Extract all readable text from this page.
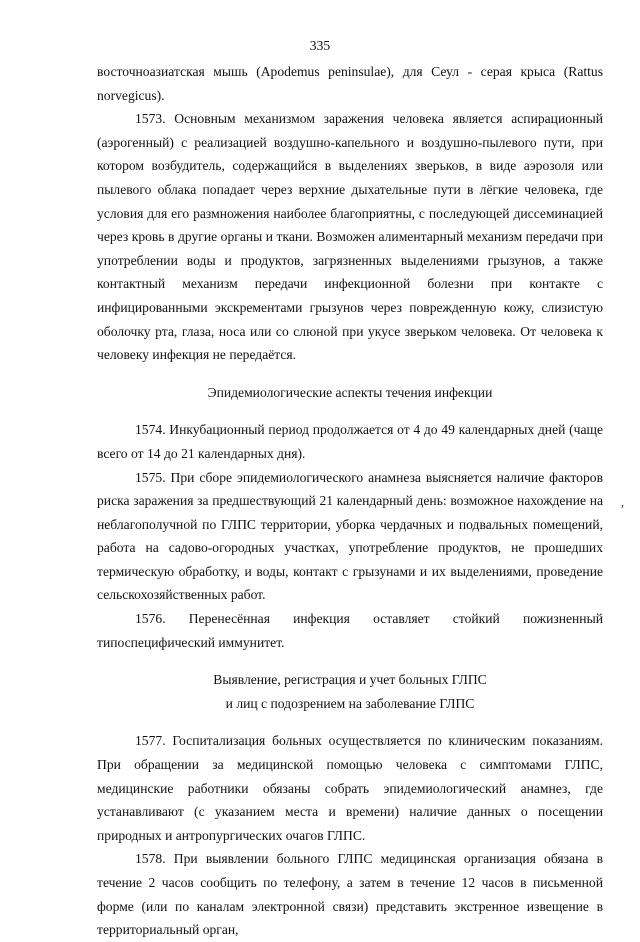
335

восточноазиатская мышь (Apodemus peninsulae), для Сеул - серая крыса (Rattus norvegicus).

1573. Основным механизмом заражения человека является аспирационный (аэрогенный) с реализацией воздушно-капельного и воздушно-пылевого пути, при котором возбудитель, содержащийся в выделениях зверьков, в виде аэрозоля или пылевого облака попадает через верхние дыхательные пути в лёгкие человека, где условия для его размножения наиболее благоприятны, с последующей диссеминацией через кровь в другие органы и ткани. Возможен алиментарный механизм передачи при употреблении воды и продуктов, загрязненных выделениями грызунов, а также контактный механизм передачи инфекционной болезни при контакте с инфицированными экскрементами грызунов через поврежденную кожу, слизистую оболочку рта, глаза, носа или со слюной при укусе зверьком человека. От человека к человеку инфекция не передаётся.

Эпидемиологические аспекты течения инфекции

1574. Инкубационный период продолжается от 4 до 49 календарных дней (чаще всего от 14 до 21 календарных дня).

1575. При сборе эпидемиологического анамнеза выясняется наличие факторов риска заражения за предшествующий 21 календарный день: возможное нахождение на неблагополучной по ГЛПС территории, уборка чердачных и подвальных помещений, работа на садово-огородных участках, употребление продуктов, не прошедших термическую обработку, и воды, контакт с грызунами и их выделениями, проведение сельскохозяйственных работ.

1576. Перенесённая инфекция оставляет стойкий пожизненный типоспецифический иммунитет.

Выявление, регистрация и учет больных ГЛПС

и лиц с подозрением на заболевание ГЛПС

1577. Госпитализация больных осуществляется по клиническим показаниям. При обращении за медицинской помощью человека с симптомами ГЛПС, медицинские работники обязаны собрать эпидемиологический анамнез, где устанавливают (с указанием места и времени) наличие данных о посещении природных и антропургических очагов ГЛПС.

1578. При выявлении больного ГЛПС медицинская организация обязана в течение 2 часов сообщить по телефону, а затем в течение 12 часов в письменной форме (или по каналам электронной связи) представить экстренное извещение в территориальный орган,

,
